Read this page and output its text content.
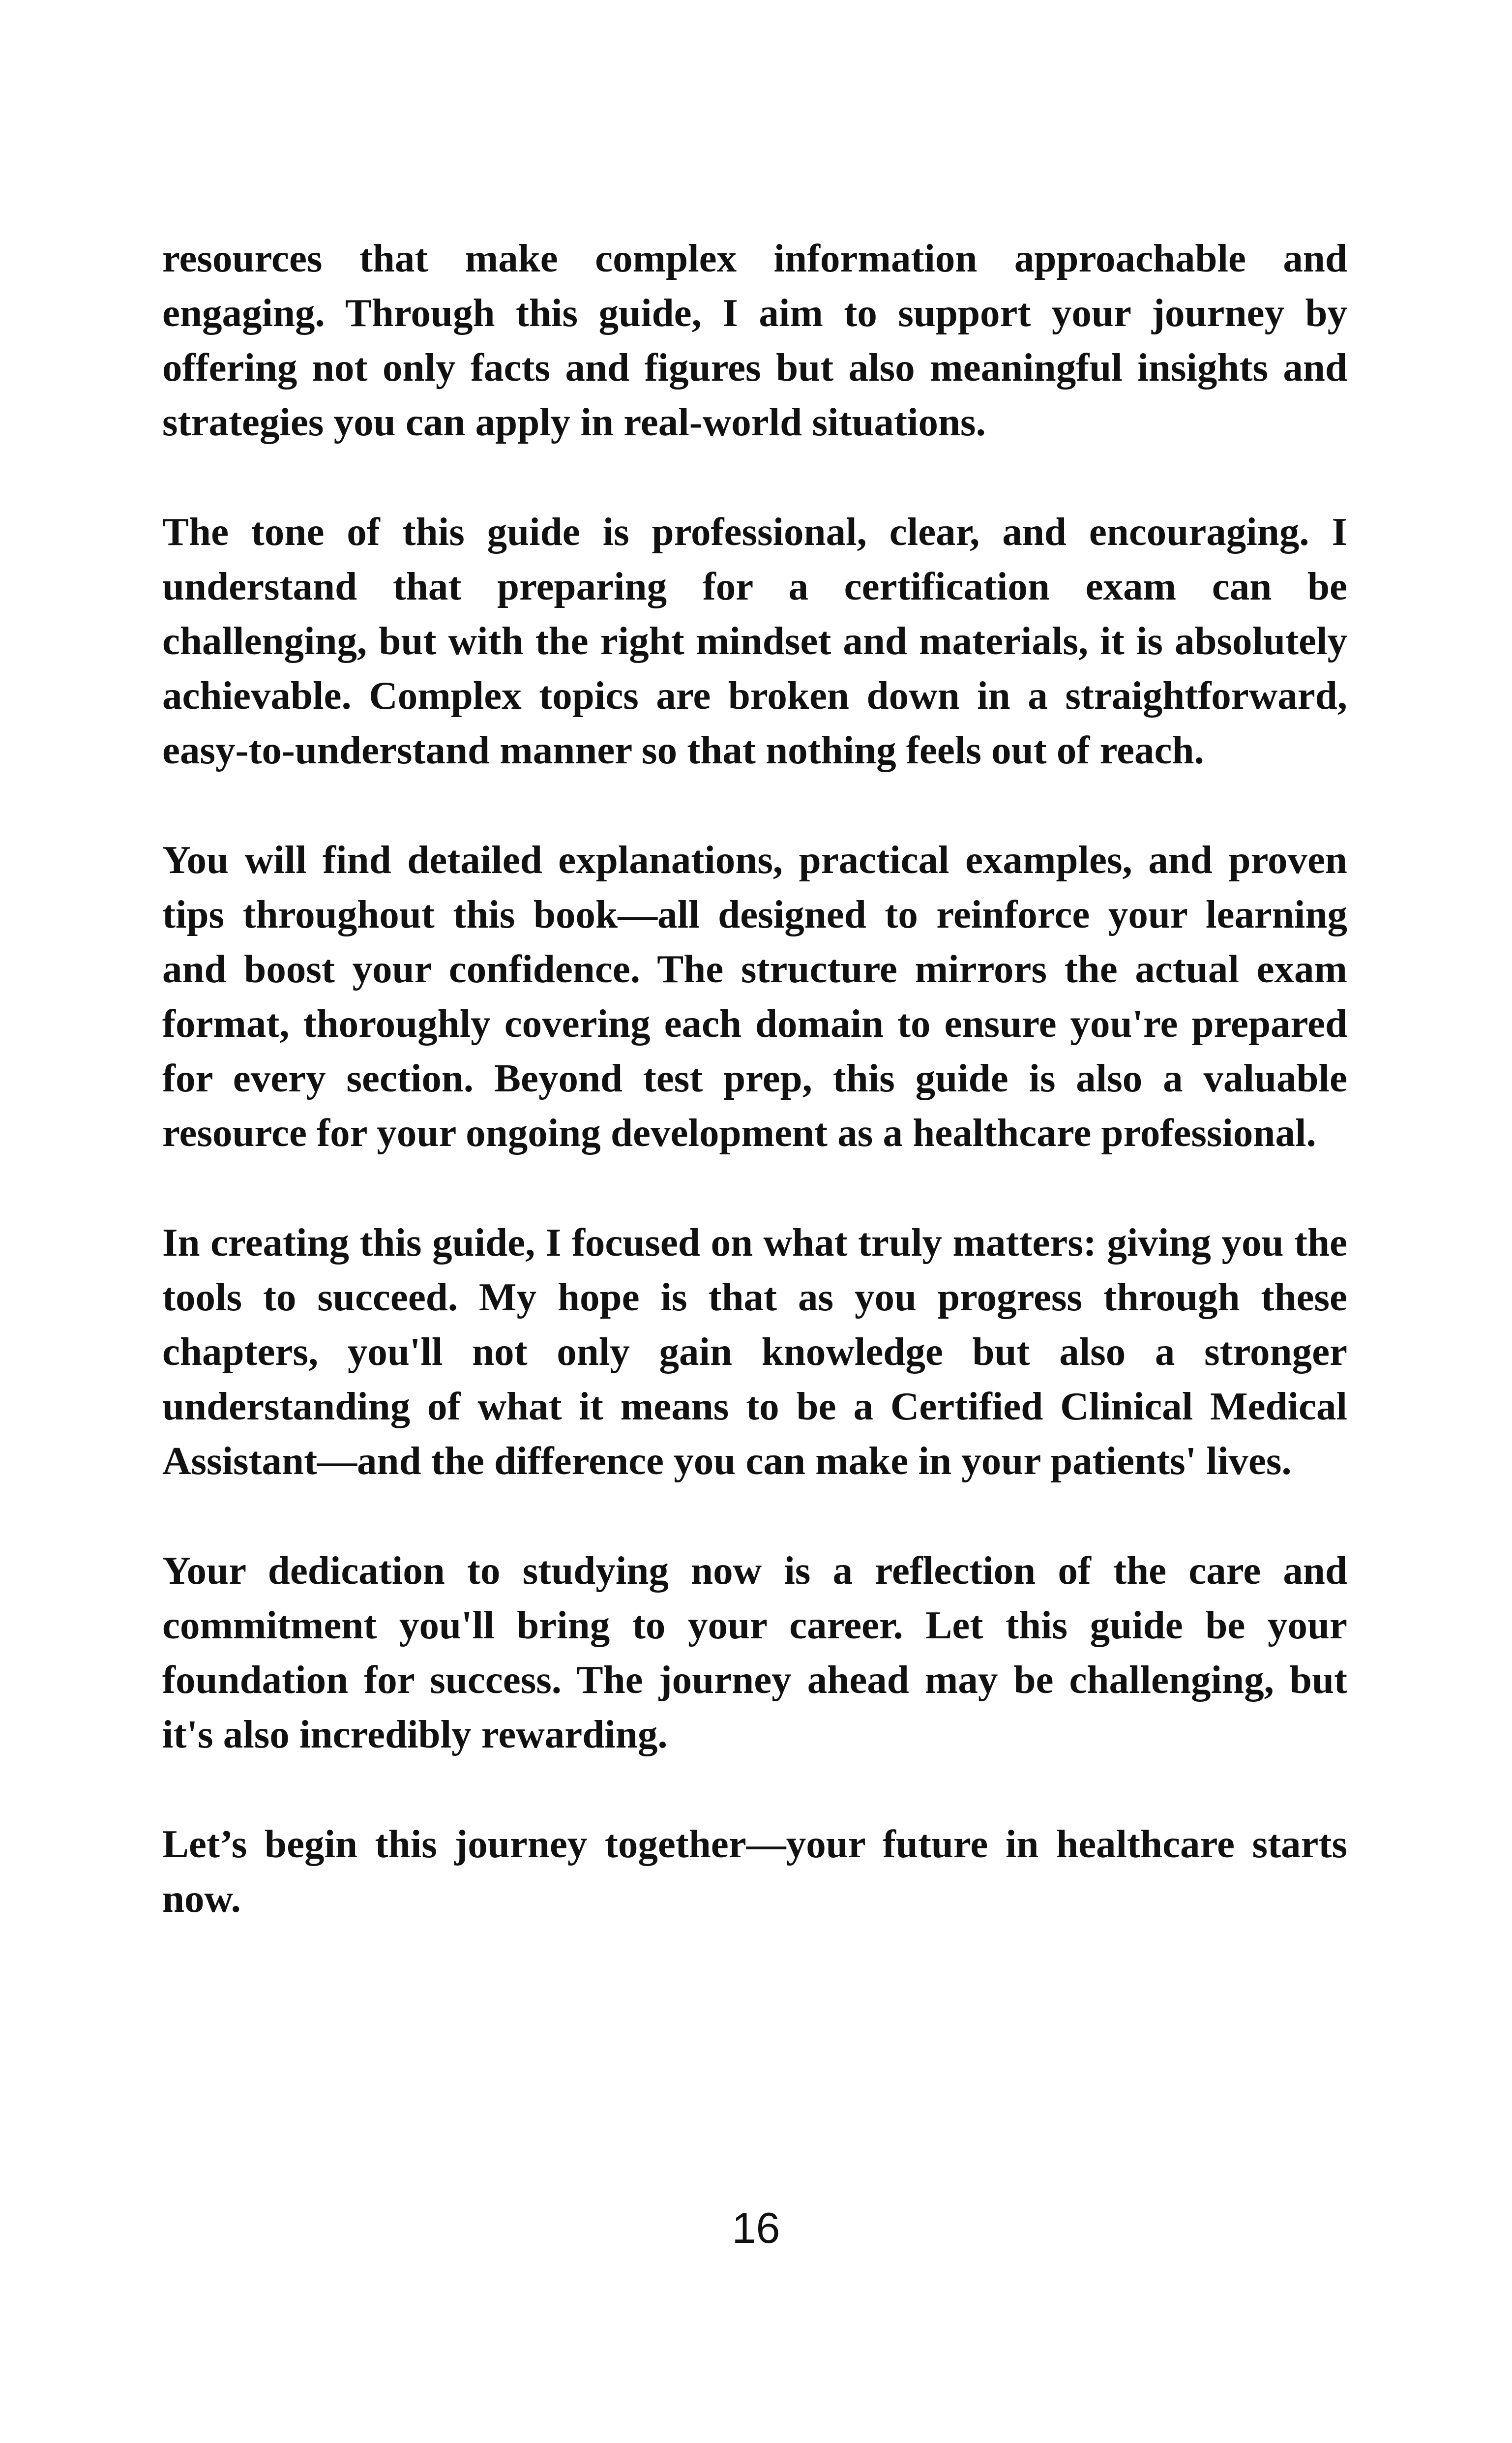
resources that make complex information approachable and engaging. Through this guide, I aim to support your journey by offering not only facts and figures but also meaningful insights and strategies you can apply in real-world situations.

The tone of this guide is professional, clear, and encouraging. I understand that preparing for a certification exam can be challenging, but with the right mindset and materials, it is absolutely achievable. Complex topics are broken down in a straightforward, easy-to-understand manner so that nothing feels out of reach.

You will find detailed explanations, practical examples, and proven tips throughout this book—all designed to reinforce your learning and boost your confidence. The structure mirrors the actual exam format, thoroughly covering each domain to ensure you're prepared for every section. Beyond test prep, this guide is also a valuable resource for your ongoing development as a healthcare professional.

In creating this guide, I focused on what truly matters: giving you the tools to succeed. My hope is that as you progress through these chapters, you'll not only gain knowledge but also a stronger understanding of what it means to be a Certified Clinical Medical Assistant—and the difference you can make in your patients' lives.

Your dedication to studying now is a reflection of the care and commitment you'll bring to your career. Let this guide be your foundation for success. The journey ahead may be challenging, but it's also incredibly rewarding.

Let’s begin this journey together—your future in healthcare starts now.

16
